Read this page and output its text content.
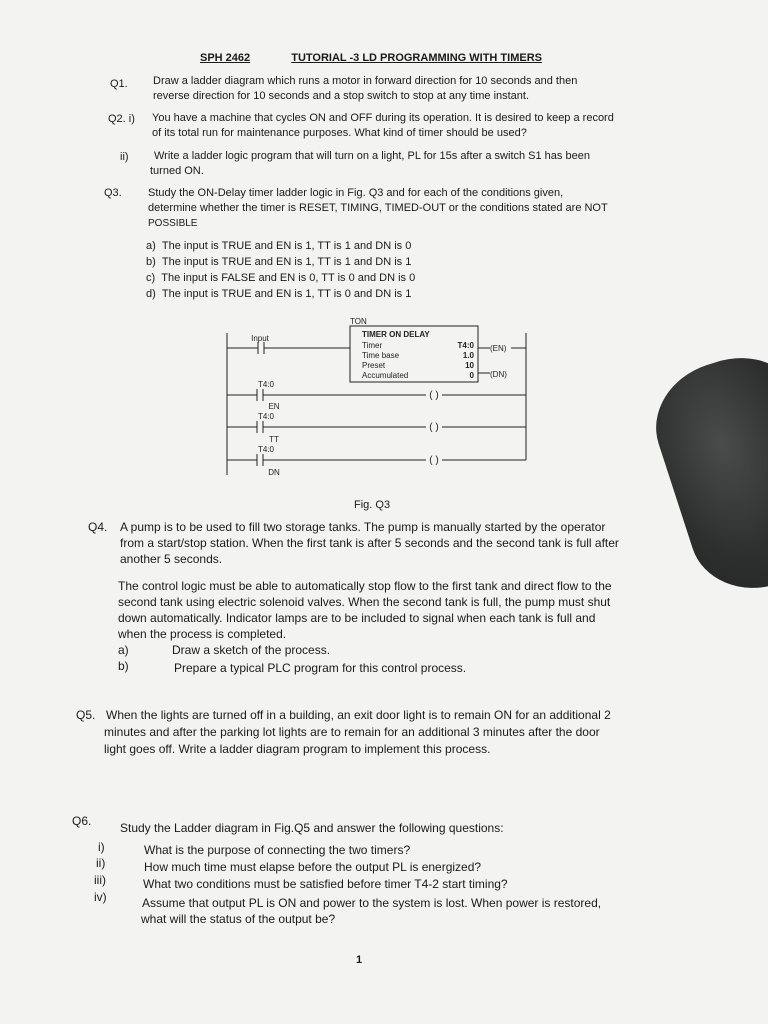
SPH 2462	TUTORIAL -3 LD PROGRAMMING WITH TIMERS
Q1. Draw a ladder diagram which runs a motor in forward direction for 10 seconds and then
reverse direction for 10 seconds and a stop switch to stop at any time instant.
Q2. i) You have a machine that cycles ON and OFF during its operation. It is desired to keep a record
of its total run for maintenance purposes. What kind of timer should be used?
ii) Write a ladder logic program that will turn on a light, PL for 15s after a switch S1 has been
turned ON.
Q3. Study the ON-Delay timer ladder logic in Fig. Q3 and for each of the conditions given,
determine whether the timer is RESET, TIMING, TIMED-OUT or the conditions stated are NOT
POSSIBLE
a) The input is TRUE and EN is 1, TT is 1 and DN is 0
b) The input is TRUE and EN is 1, TT is 1 and DN is 1
c) The input is FALSE and EN is 0, TT is 0 and DN is 0
d) The input is TRUE and EN is 1, TT is 0 and DN is 1
TON
TIMER ON DELAY
Timer
Time base
Preset
Accumulated
T4:0
1.0
10
0
(EN)
(DN)
Input
T4:0
EN
T4:0
TT
T4:0
DN
( )
( )
( )
Fig. Q3
Q4. A pump is to be used to fill two storage tanks. The pump is manually started by the operator
from a start/stop station. When the first tank is after 5 seconds and the second tank is full after
another 5 seconds.
The control logic must be able to automatically stop flow to the first tank and direct flow to the
second tank using electric solenoid valves. When the second tank is full, the pump must shut
down automatically. Indicator lamps are to be included to signal when each tank is full and
when the process is completed.
a)	Draw a sketch of the process.
b)	Prepare a typical PLC program for this control process.
Q5. When the lights are turned off in a building, an exit door light is to remain ON for an additional 2
minutes and after the parking lot lights are to remain for an additional 3 minutes after the door
light goes off. Write a ladder diagram program to implement this process.
Q6. Study the Ladder diagram in Fig.Q5 and answer the following questions:
i)	What is the purpose of connecting the two timers?
ii)	How much time must elapse before the output PL is energized?
iii)	What two conditions must be satisfied before timer T4-2 start timing?
iv)	Assume that output PL is ON and power to the system is lost. When power is restored,
what will the status of the output be?
1
